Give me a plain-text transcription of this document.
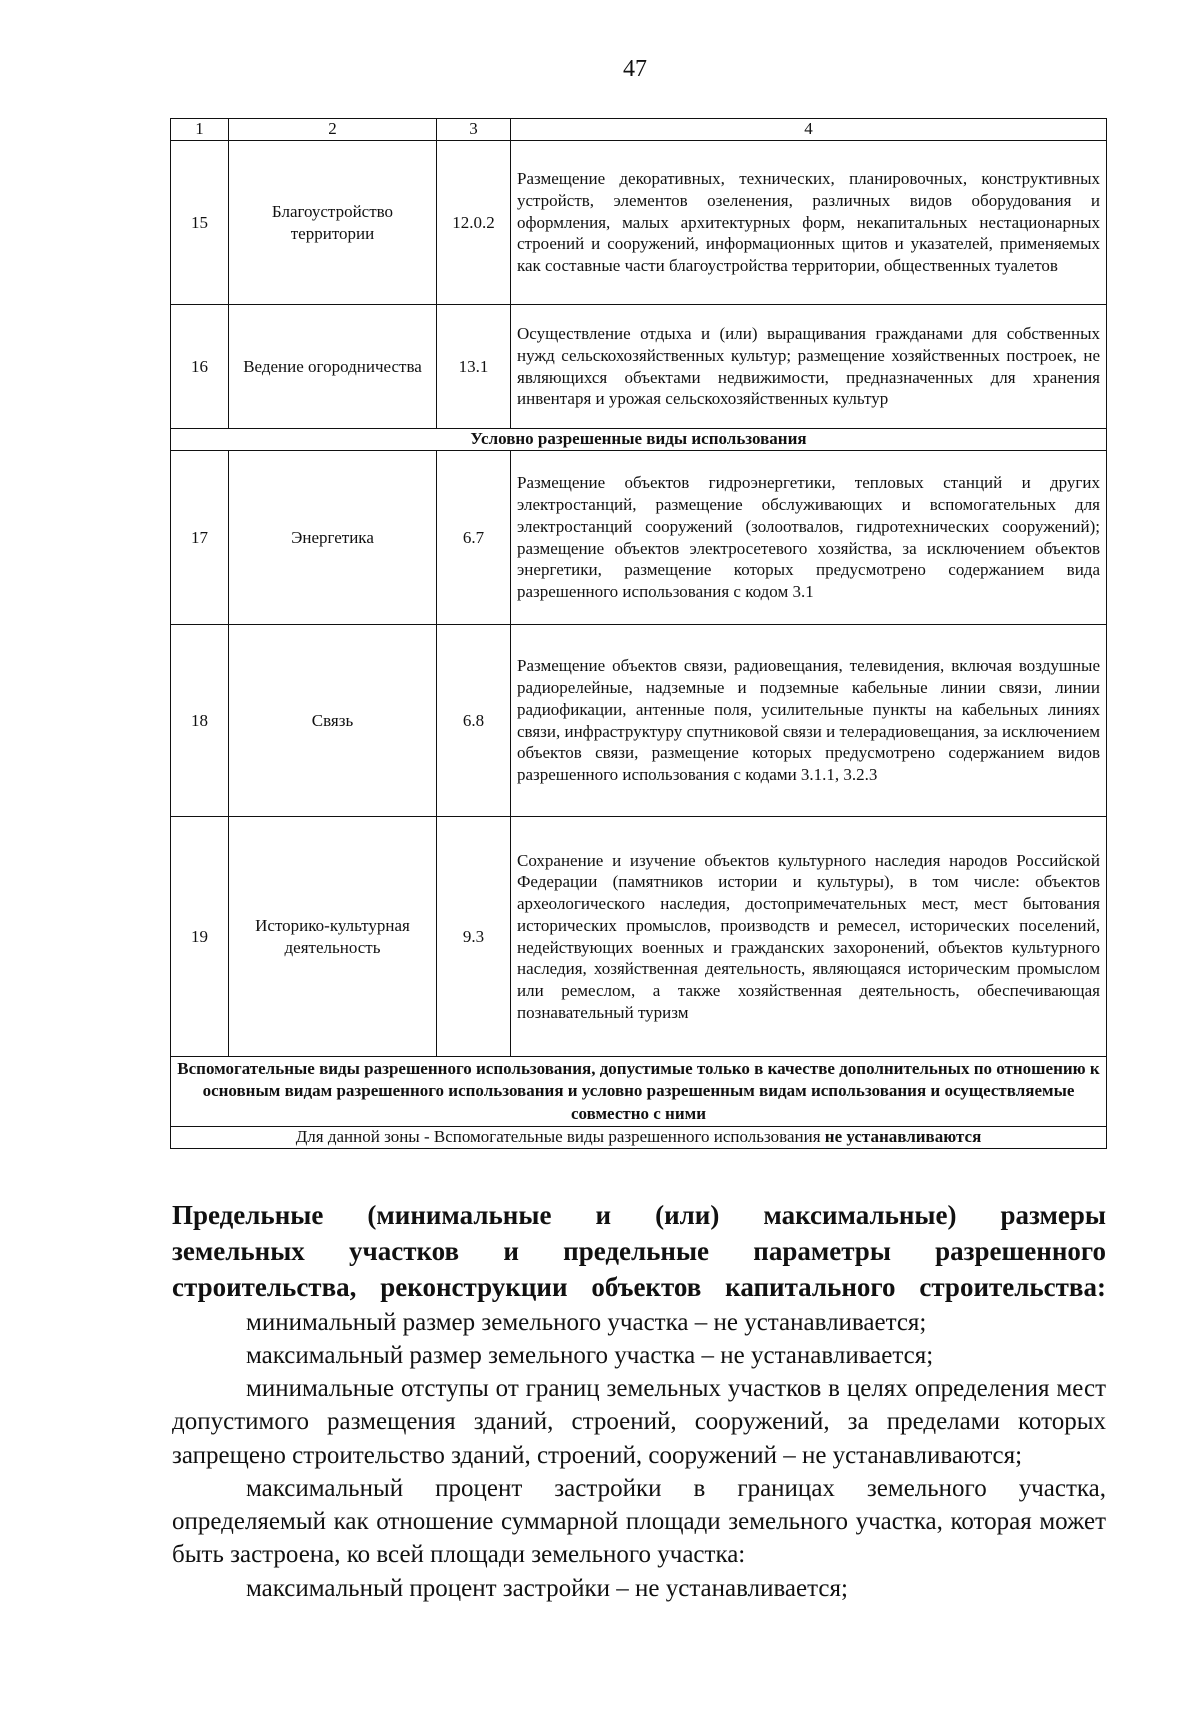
47
1	2	3	4
15	Благоустройство территории	12.0.2	Размещение декоративных, технических, планировочных, конструктивных устройств, элементов озеленения, различных видов оборудования и оформления, малых архитектурных форм, некапитальных нестационарных строений и сооружений, информационных щитов и указателей, применяемых как составные части благоустройства территории, общественных туалетов
16	Ведение огородничества	13.1	Осуществление отдыха и (или) выращивания гражданами для собственных нужд сельскохозяйственных культур; размещение хозяйственных построек, не являющихся объектами недвижимости, предназначенных для хранения инвентаря и урожая сельскохозяйственных культур
Условно разрешенные виды использования			
17	Энергетика	6.7	Размещение объектов гидроэнергетики, тепловых станций и других электростанций, размещение обслуживающих и вспомогательных для электростанций сооружений (золоотвалов, гидротехнических сооружений); размещение объектов электросетевого хозяйства, за исключением объектов энергетики, размещение которых предусмотрено содержанием вида разрешенного использования с кодом 3.1
18	Связь	6.8	Размещение объектов связи, радиовещания, телевидения, включая воздушные радиорелейные, надземные и подземные кабельные линии связи, линии радиофикации, антенные поля, усилительные пункты на кабельных линиях связи, инфраструктуру спутниковой связи и телерадиовещания, за исключением объектов связи, размещение которых предусмотрено содержанием видов разрешенного использования с кодами 3.1.1, 3.2.3
19	Историко-культурная деятельность	9.3	Сохранение и изучение объектов культурного наследия народов Российской Федерации (памятников истории и культуры), в том числе: объектов археологического наследия, достопримечательных мест, мест бытования исторических промыслов, производств и ремесел, исторических поселений, недействующих военных и гражданских захоронений, объектов культурного наследия, хозяйственная деятельность, являющаяся историческим промыслом или ремеслом, а также хозяйственная деятельность, обеспечивающая познавательный туризм
Вспомогательные виды разрешенного использования, допустимые только в качестве дополнительных по отношению к основным видам разрешенного использования и условно разрешенным видам использования и осуществляемые совместно с ними			
Для данной зоны - Вспомогательные виды разрешенного использования не устанавливаются			
Предельные (минимальные и (или) максимальные) размеры
земельных участков и предельные параметры разрешенного
строительства, реконструкции объектов капитального строительства:

минимальный размер земельного участка – не устанавливается;

максимальный размер земельного участка – не устанавливается;

минимальные отступы от границ земельных участков в целях определения мест допустимого размещения зданий, строений, сооружений, за пределами которых запрещено строительство зданий, строений, сооружений – не устанавливаются;

максимальный процент застройки в границах земельного участка, определяемый как отношение суммарной площади земельного участка, которая может быть застроена, ко всей площади земельного участка:

максимальный процент застройки – не устанавливается;
